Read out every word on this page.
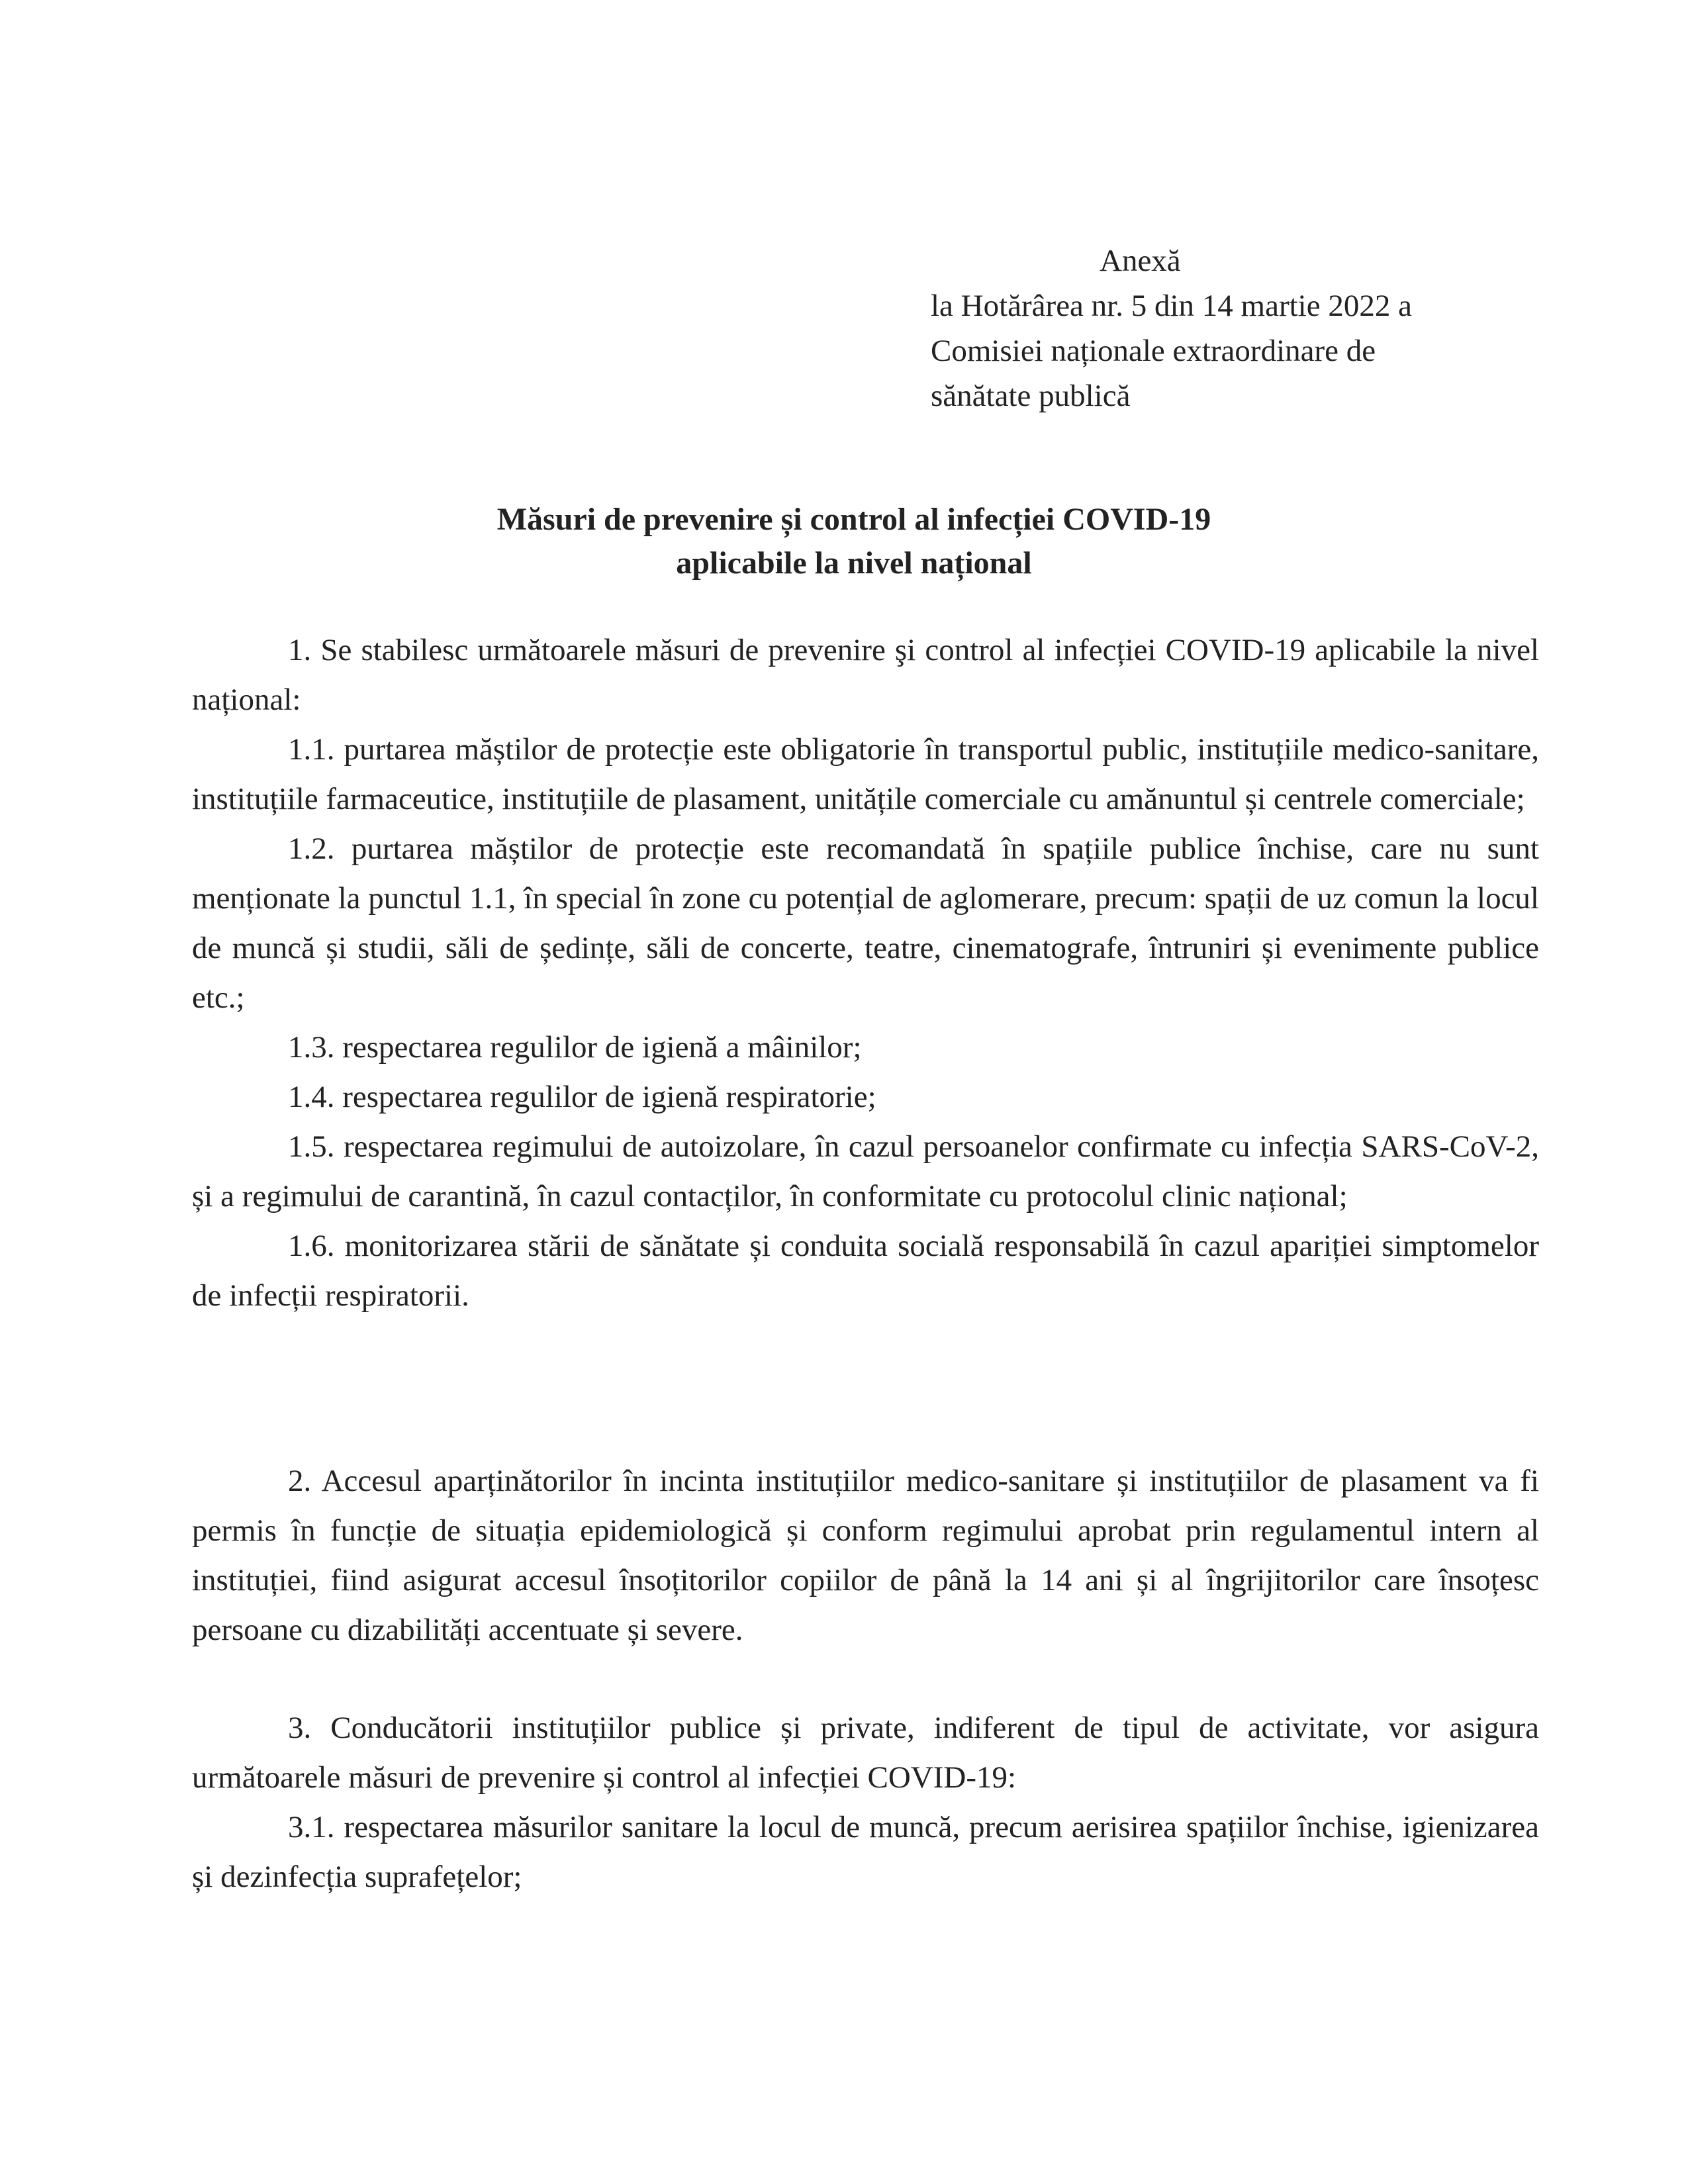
Anexă
la Hotărârea nr. 5 din 14 martie 2022 a
Comisiei naționale extraordinare de
sănătate publică
Măsuri de prevenire și control al infecției COVID-19
aplicabile la nivel național

1. Se stabilesc următoarele măsuri de prevenire şi control al infecției COVID-19 aplicabile la nivel național:

1.1. purtarea măștilor de protecție este obligatorie în transportul public, instituțiile medico-sanitare, instituțiile farmaceutice, instituțiile de plasament, unitățile comerciale cu amănuntul și centrele comerciale;

1.2. purtarea măștilor de protecție este recomandată în spațiile publice închise, care nu sunt menționate la punctul 1.1, în special în zone cu potențial de aglomerare, precum: spații de uz comun la locul de muncă și studii, săli de ședințe, săli de concerte, teatre, cinematografe, întruniri și evenimente publice etc.;

1.3. respectarea regulilor de igienă a mâinilor;

1.4. respectarea regulilor de igienă respiratorie;

1.5. respectarea regimului de autoizolare, în cazul persoanelor confirmate cu infecția SARS-CoV-2, și a regimului de carantină, în cazul contacților, în conformitate cu protocolul clinic național;

1.6. monitorizarea stării de sănătate și conduita socială responsabilă în cazul apariției simptomelor de infecții respiratorii.

2. Accesul aparținătorilor în incinta instituțiilor medico-sanitare și instituțiilor de plasament va fi permis în funcție de situația epidemiologică și conform regimului aprobat prin regulamentul intern al instituției, fiind asigurat accesul însoțitorilor copiilor de până la 14 ani și al îngrijitorilor care însoțesc persoane cu dizabilități accentuate și severe.

3. Conducătorii instituțiilor publice și private, indiferent de tipul de activitate, vor asigura următoarele măsuri de prevenire și control al infecției COVID-19:

3.1. respectarea măsurilor sanitare la locul de muncă, precum aerisirea spațiilor închise, igienizarea și dezinfecția suprafețelor;
